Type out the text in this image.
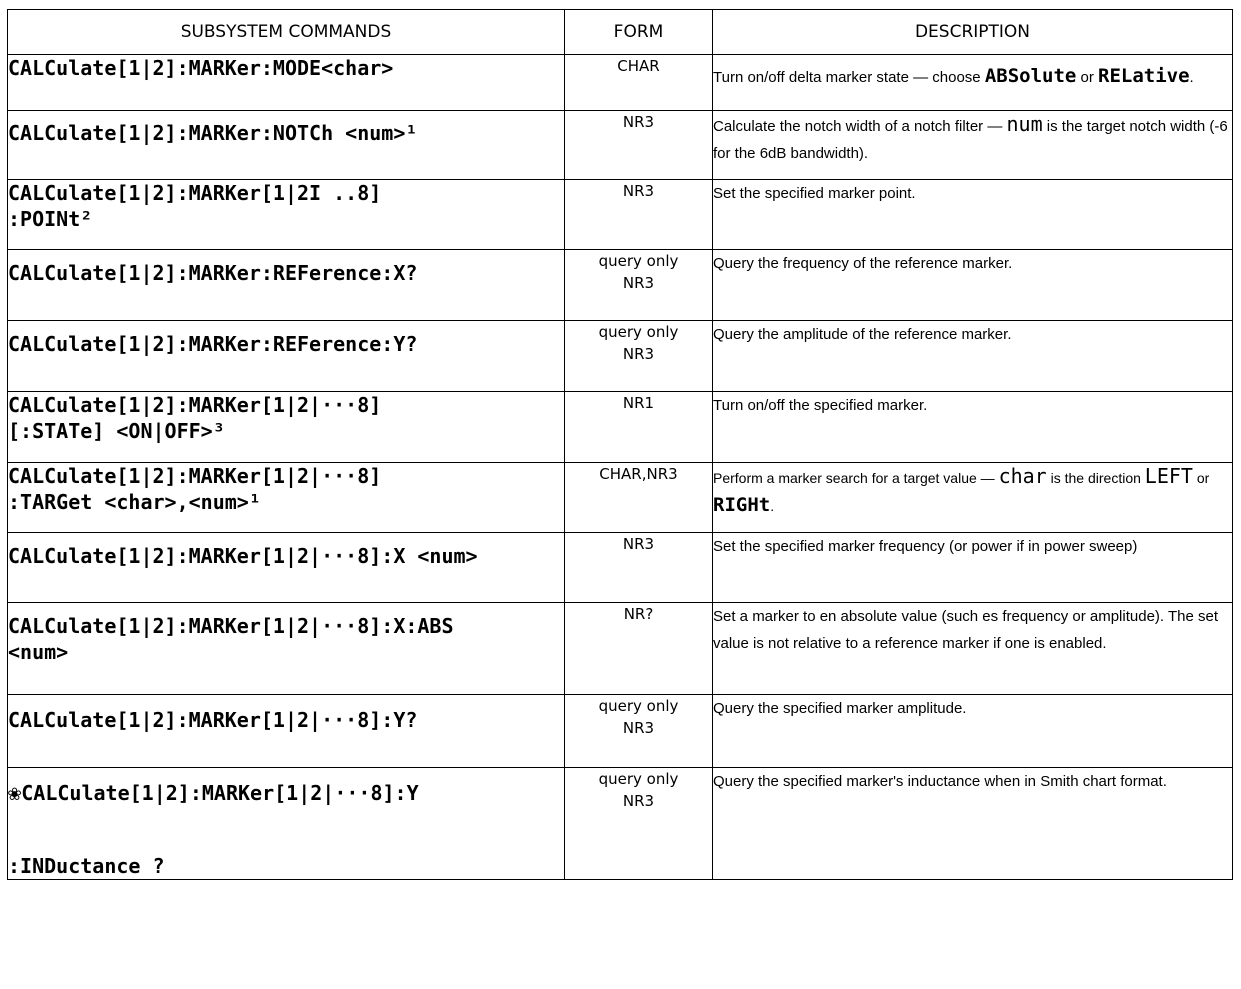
SUBSYSTEM COMMANDS	FORM	DESCRIPTION

CALCulate[1|2]:MARKer:MODE<char>	CHAR	Turn on/off delta marker state — choose ABSolute or RELative.

CALCulate[1|2]:MARKer:NOTCh <num>¹	NR3	Calculate the notch width of a notch filter — num is the target notch width (-6 for the 6dB bandwidth).

CALCulate[1|2]:MARKer[1|2I ..8]
:POINt²	NR3	Set the specified marker point.

CALCulate[1|2]:MARKer:REFerence:X?	query only
NR3	Query the frequency of the reference marker.

CALCulate[1|2]:MARKer:REFerence:Y?	query only
NR3	Query the amplitude of the reference marker.

CALCulate[1|2]:MARKer[1|2|···8]
[:STATe] <ON|OFF>³	NR1	Turn on/off the specified marker.

CALCulate[1|2]:MARKer[1|2|···8]
:TARGet <char>,<num>¹	CHAR,NR3	Perform a marker search for a target value — char is the direction LEFT or RIGHt.

CALCulate[1|2]:MARKer[1|2|···8]:X <num>	NR3	Set the specified marker frequency (or power if in power sweep)

CALCulate[1|2]:MARKer[1|2|···8]:X:ABS
<num>	NR?	Set a marker to en absolute value (such es frequency or amplitude). The set value is not relative to a reference marker if one is enabled.

CALCulate[1|2]:MARKer[1|2|···8]:Y?	query only
NR3	Query the specified marker amplitude.

❀CALCulate[1|2]:MARKer[1|2|···8]:Y
:INDuctance ?	query only
NR3	Query the specified marker's inductance when in Smith chart format.
